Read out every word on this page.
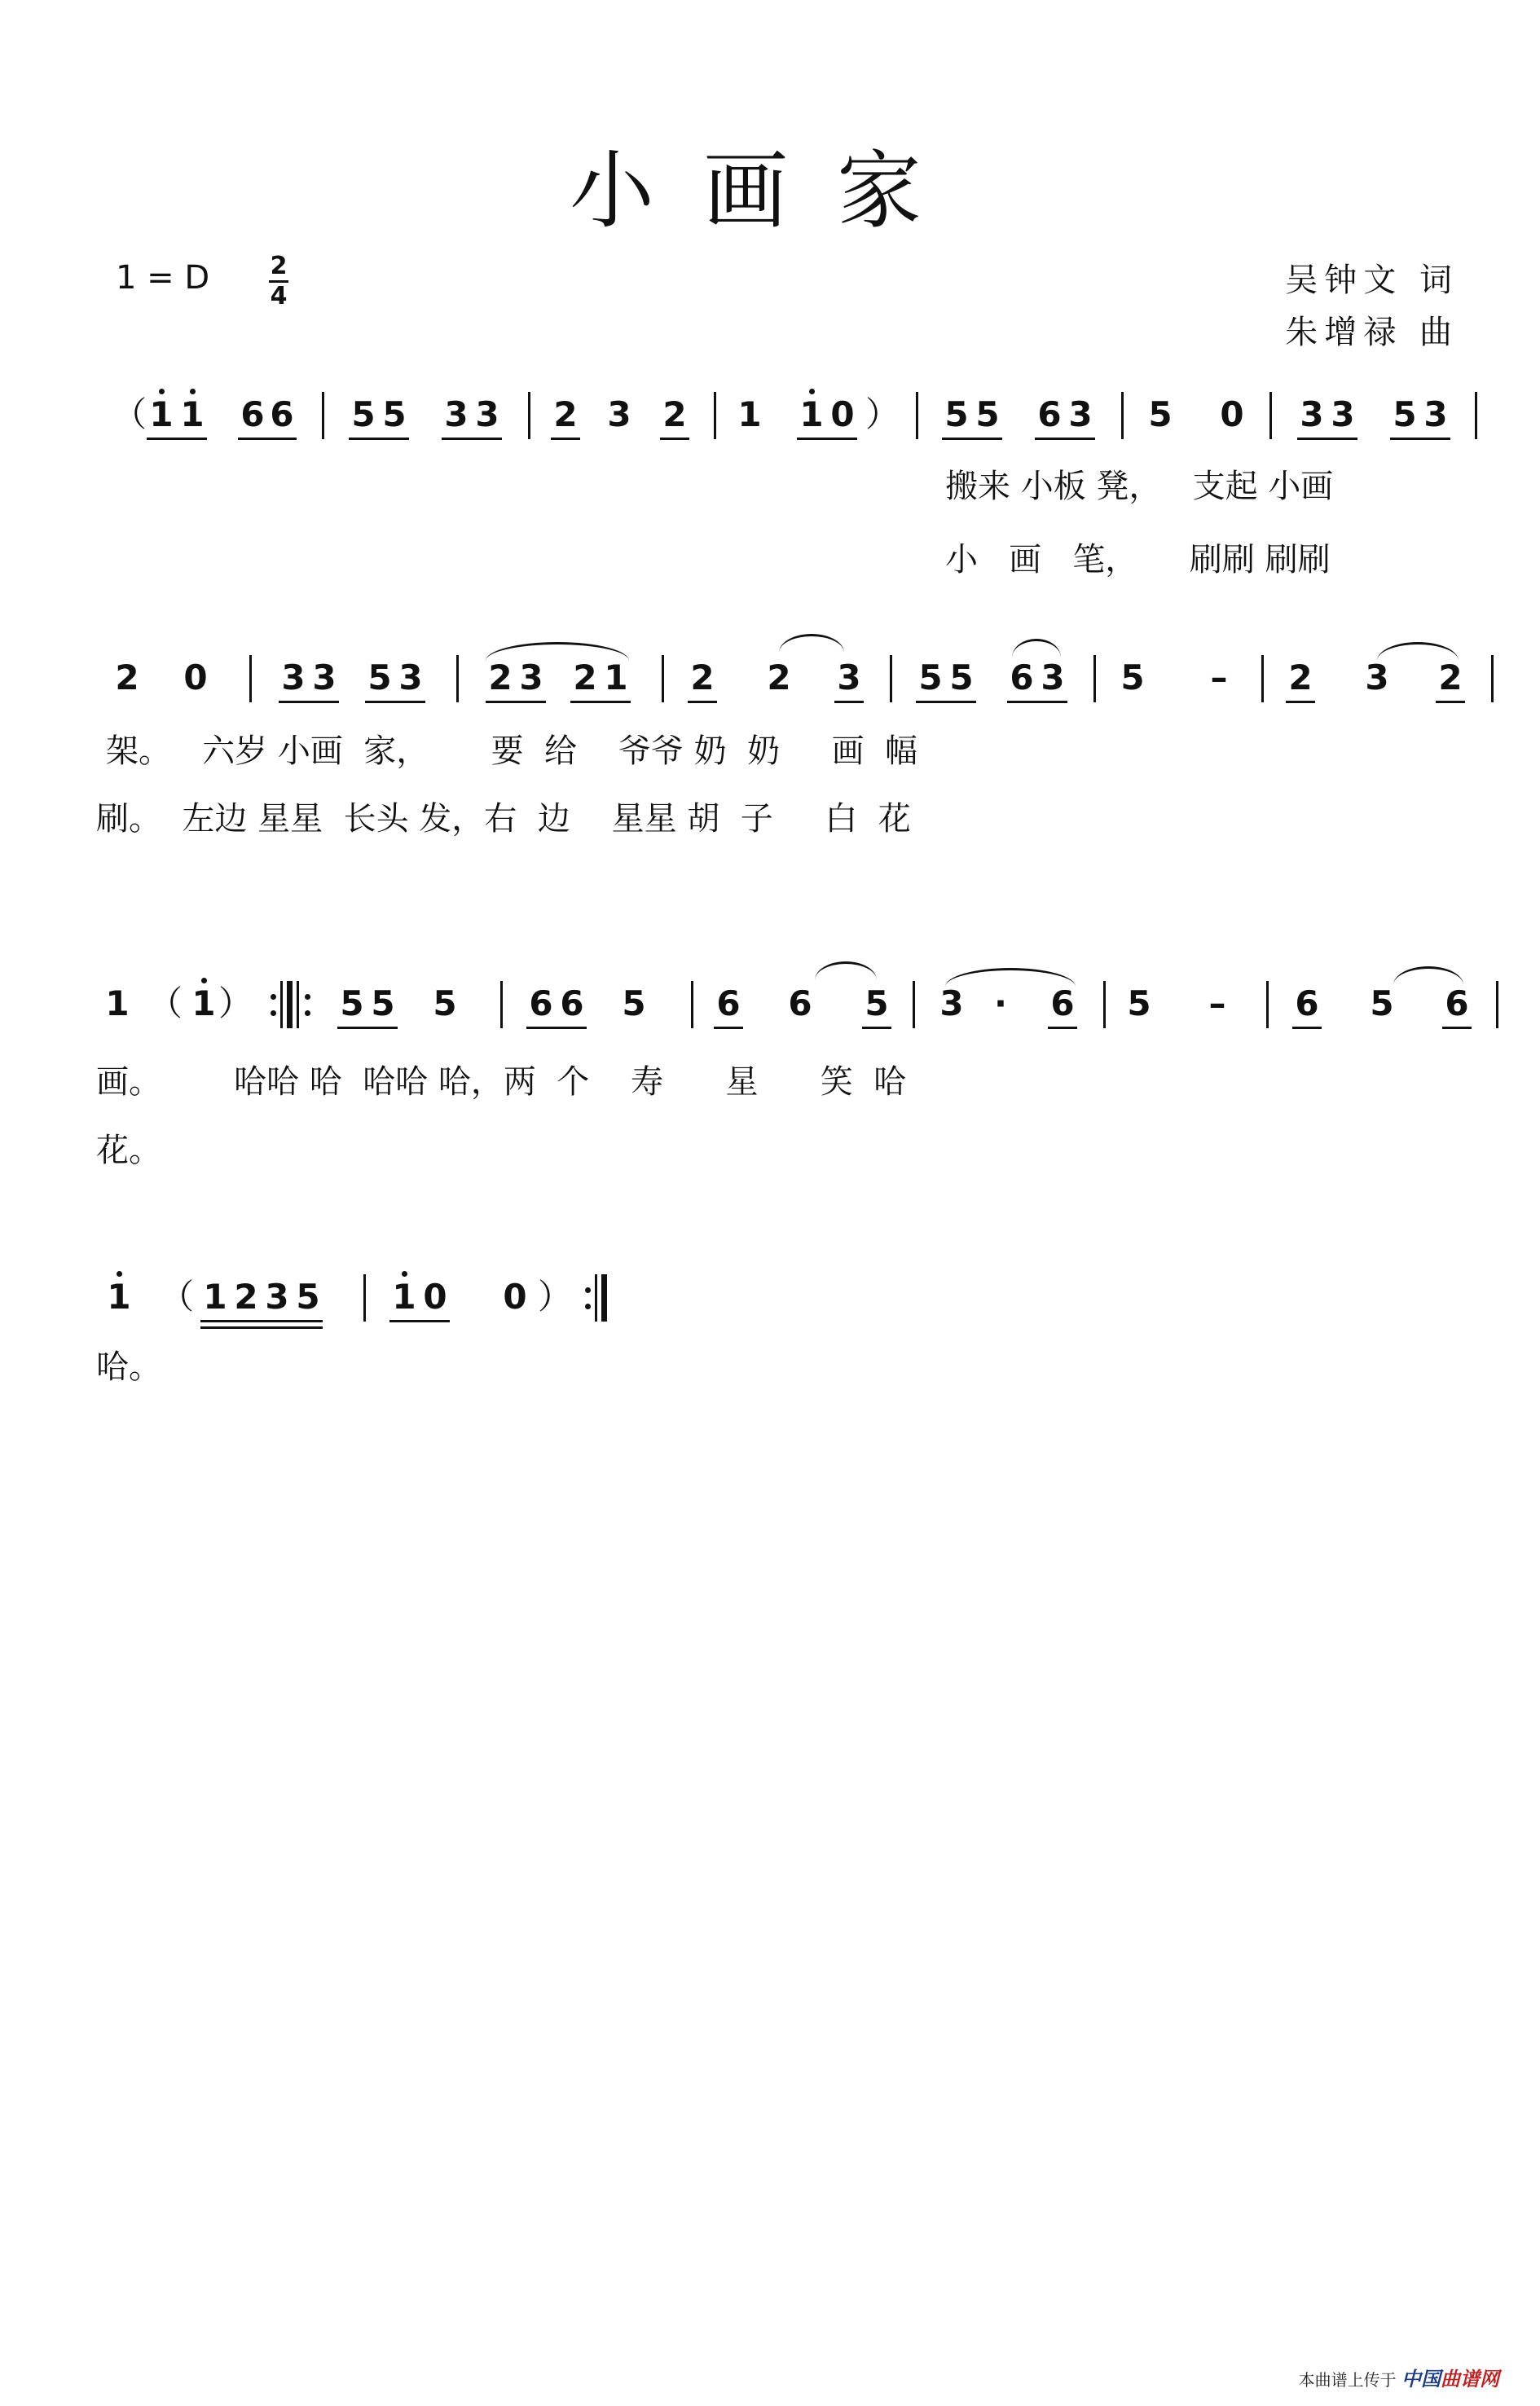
小画家
1 = D 2
4	吴钟文 词
朱增禄 曲
（ 1 1 6 6 5 5 3 3 2 3 2 1 1 0 ） 5 5 6 3 5 0 3 3 5 3
搬来 小板 凳，   支起 小画
小   画   笔，     刷刷 刷刷
2 0 3 3 5 3 2 3 2 1 2 2 3 5 5 6 3 5 – 2 3 2
架。   六岁 小画  家，      要  给    爷爷 奶  奶     画  幅
刷。  左边 星星  长头 发，右  边    星星 胡  子     白  花
1 （ 1 ）	5 5 5 6 6 5 6 6 5 3 · 6 5 – 6 5 6
画。       哈哈 哈  哈哈 哈，两  个    寿      星      笑  哈
花。
1 （ 1 2 3 5 1 0 0 ）
哈。
本曲谱上传于 中国曲谱网
